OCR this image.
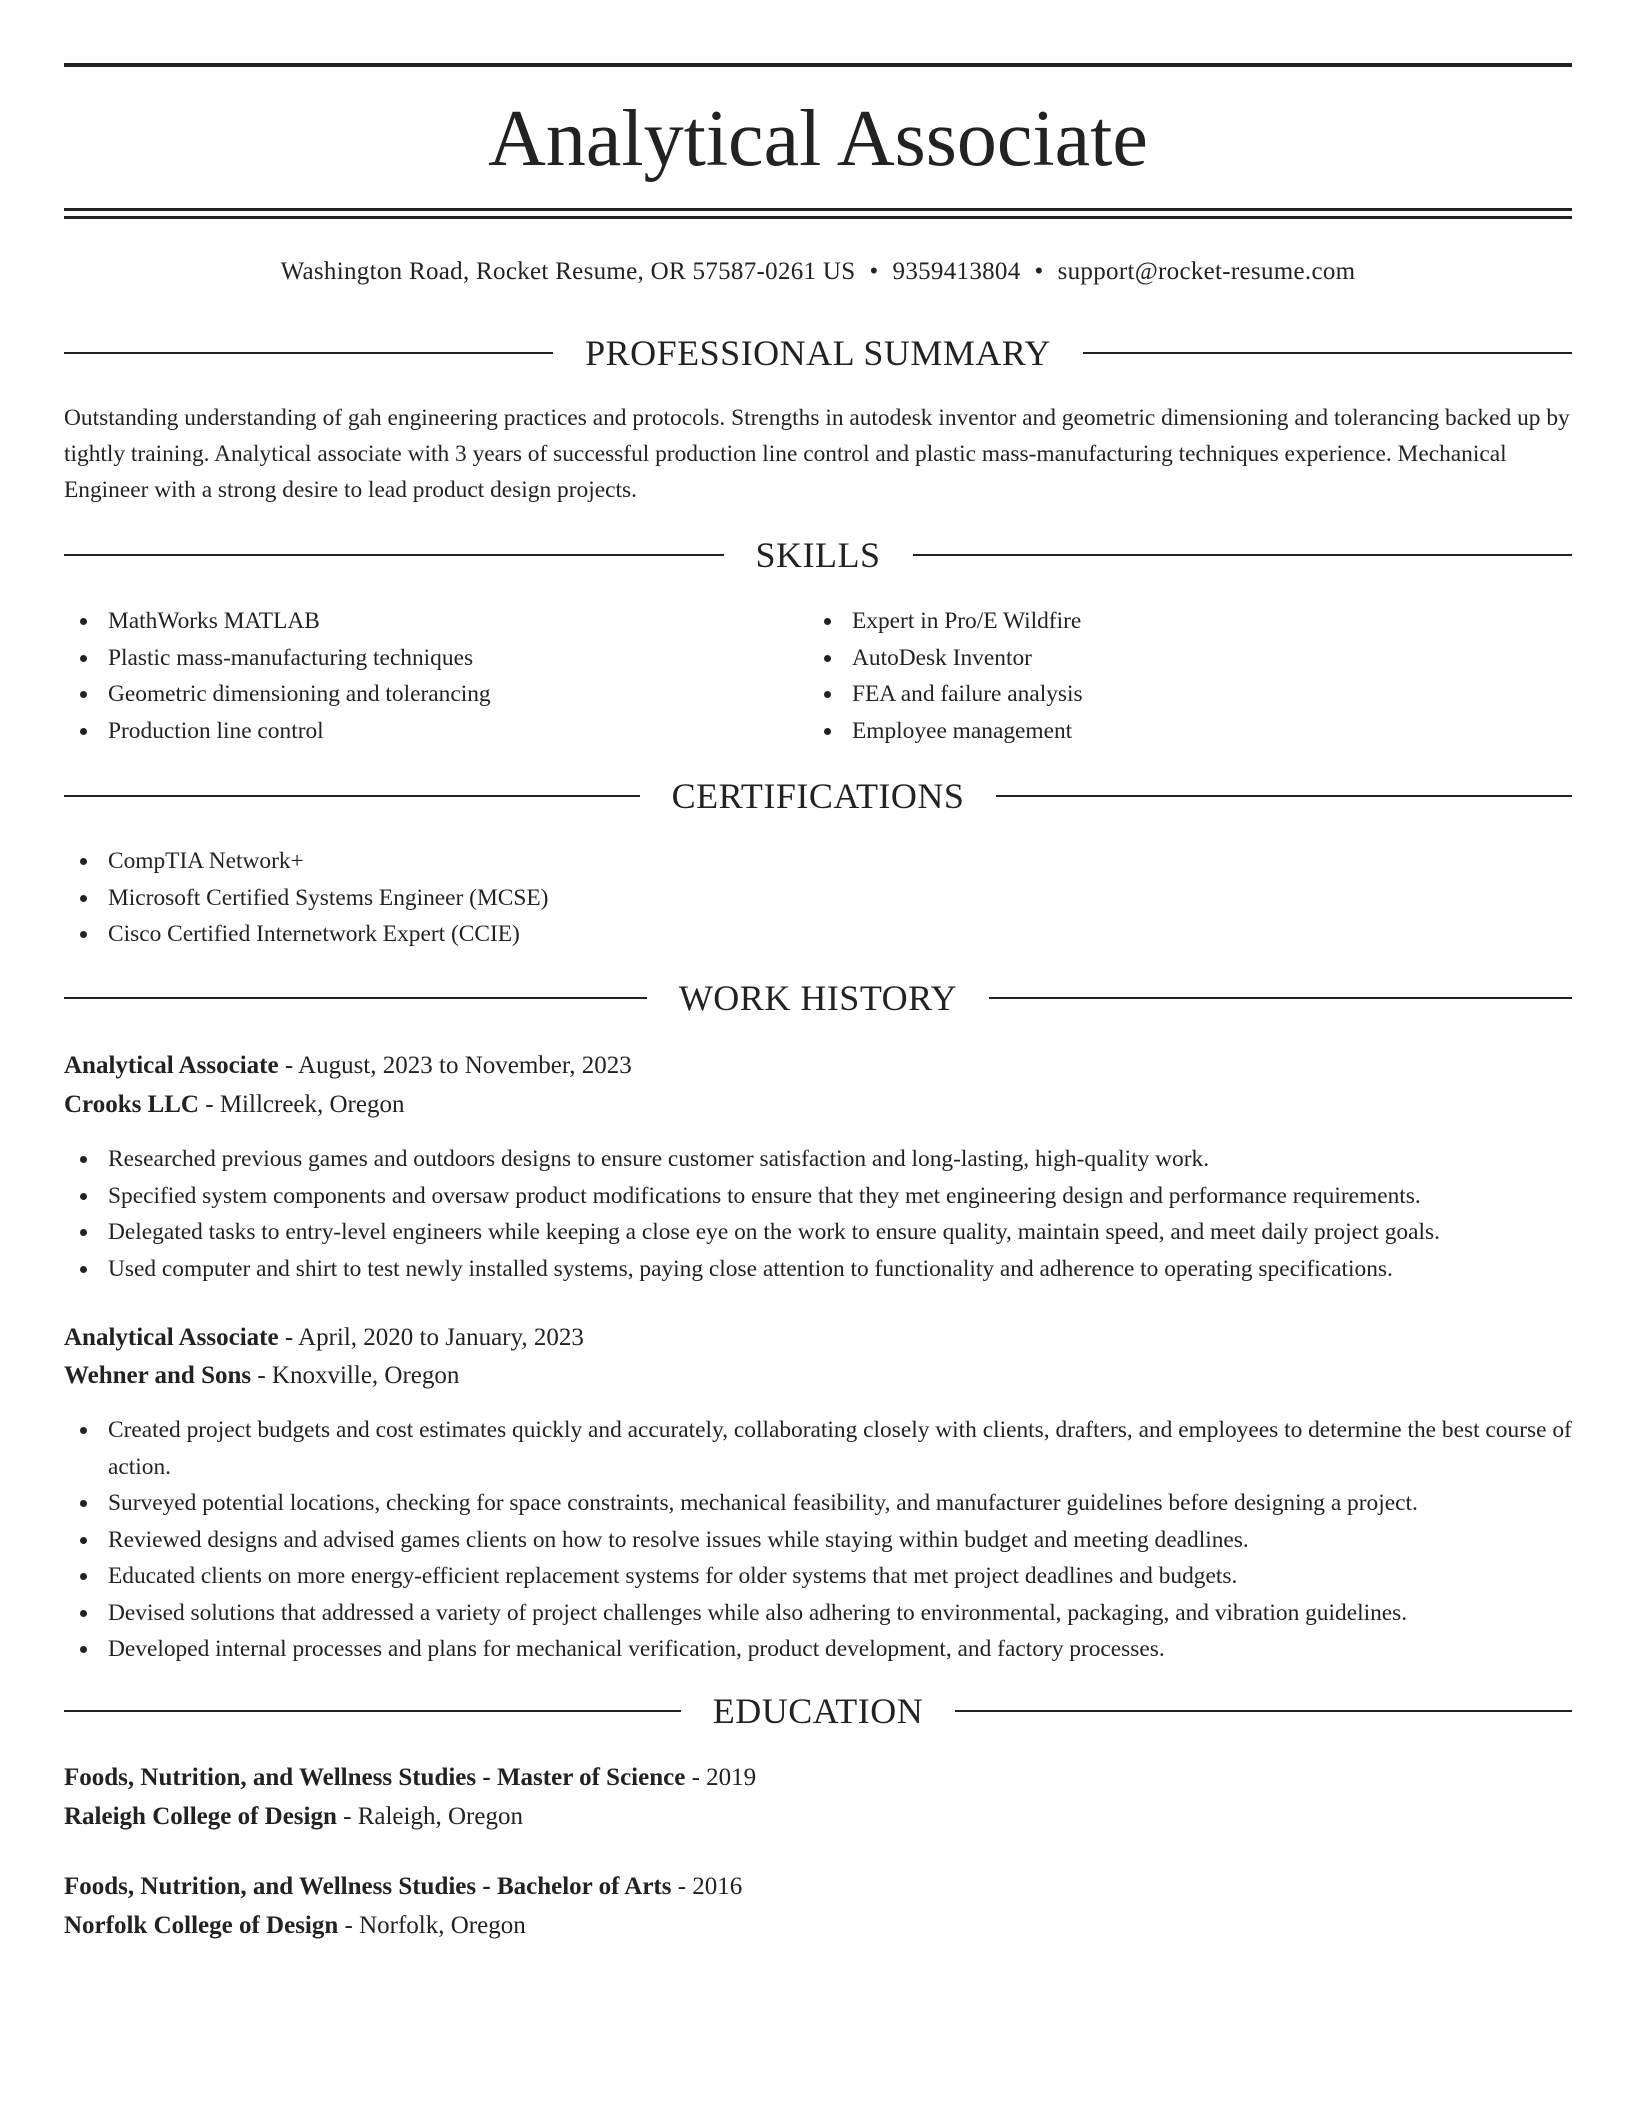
Analytical Associate
Washington Road, Rocket Resume, OR 57587-0261 US • 9359413804 • support@rocket-resume.com
PROFESSIONAL SUMMARY
Outstanding understanding of gah engineering practices and protocols. Strengths in autodesk inventor and geometric dimensioning and tolerancing backed up by tightly training. Analytical associate with 3 years of successful production line control and plastic mass-manufacturing techniques experience. Mechanical Engineer with a strong desire to lead product design projects.
SKILLS
MathWorks MATLAB
Plastic mass-manufacturing techniques
Geometric dimensioning and tolerancing
Production line control
Expert in Pro/E Wildfire
AutoDesk Inventor
FEA and failure analysis
Employee management
CERTIFICATIONS
CompTIA Network+
Microsoft Certified Systems Engineer (MCSE)
Cisco Certified Internetwork Expert (CCIE)
WORK HISTORY
Analytical Associate - August, 2023 to November, 2023
Crooks LLC - Millcreek, Oregon
Researched previous games and outdoors designs to ensure customer satisfaction and long-lasting, high-quality work.
Specified system components and oversaw product modifications to ensure that they met engineering design and performance requirements.
Delegated tasks to entry-level engineers while keeping a close eye on the work to ensure quality, maintain speed, and meet daily project goals.
Used computer and shirt to test newly installed systems, paying close attention to functionality and adherence to operating specifications.
Analytical Associate - April, 2020 to January, 2023
Wehner and Sons - Knoxville, Oregon
Created project budgets and cost estimates quickly and accurately, collaborating closely with clients, drafters, and employees to determine the best course of action.
Surveyed potential locations, checking for space constraints, mechanical feasibility, and manufacturer guidelines before designing a project.
Reviewed designs and advised games clients on how to resolve issues while staying within budget and meeting deadlines.
Educated clients on more energy-efficient replacement systems for older systems that met project deadlines and budgets.
Devised solutions that addressed a variety of project challenges while also adhering to environmental, packaging, and vibration guidelines.
Developed internal processes and plans for mechanical verification, product development, and factory processes.
EDUCATION
Foods, Nutrition, and Wellness Studies - Master of Science - 2019
Raleigh College of Design - Raleigh, Oregon
Foods, Nutrition, and Wellness Studies - Bachelor of Arts - 2016
Norfolk College of Design - Norfolk, Oregon
